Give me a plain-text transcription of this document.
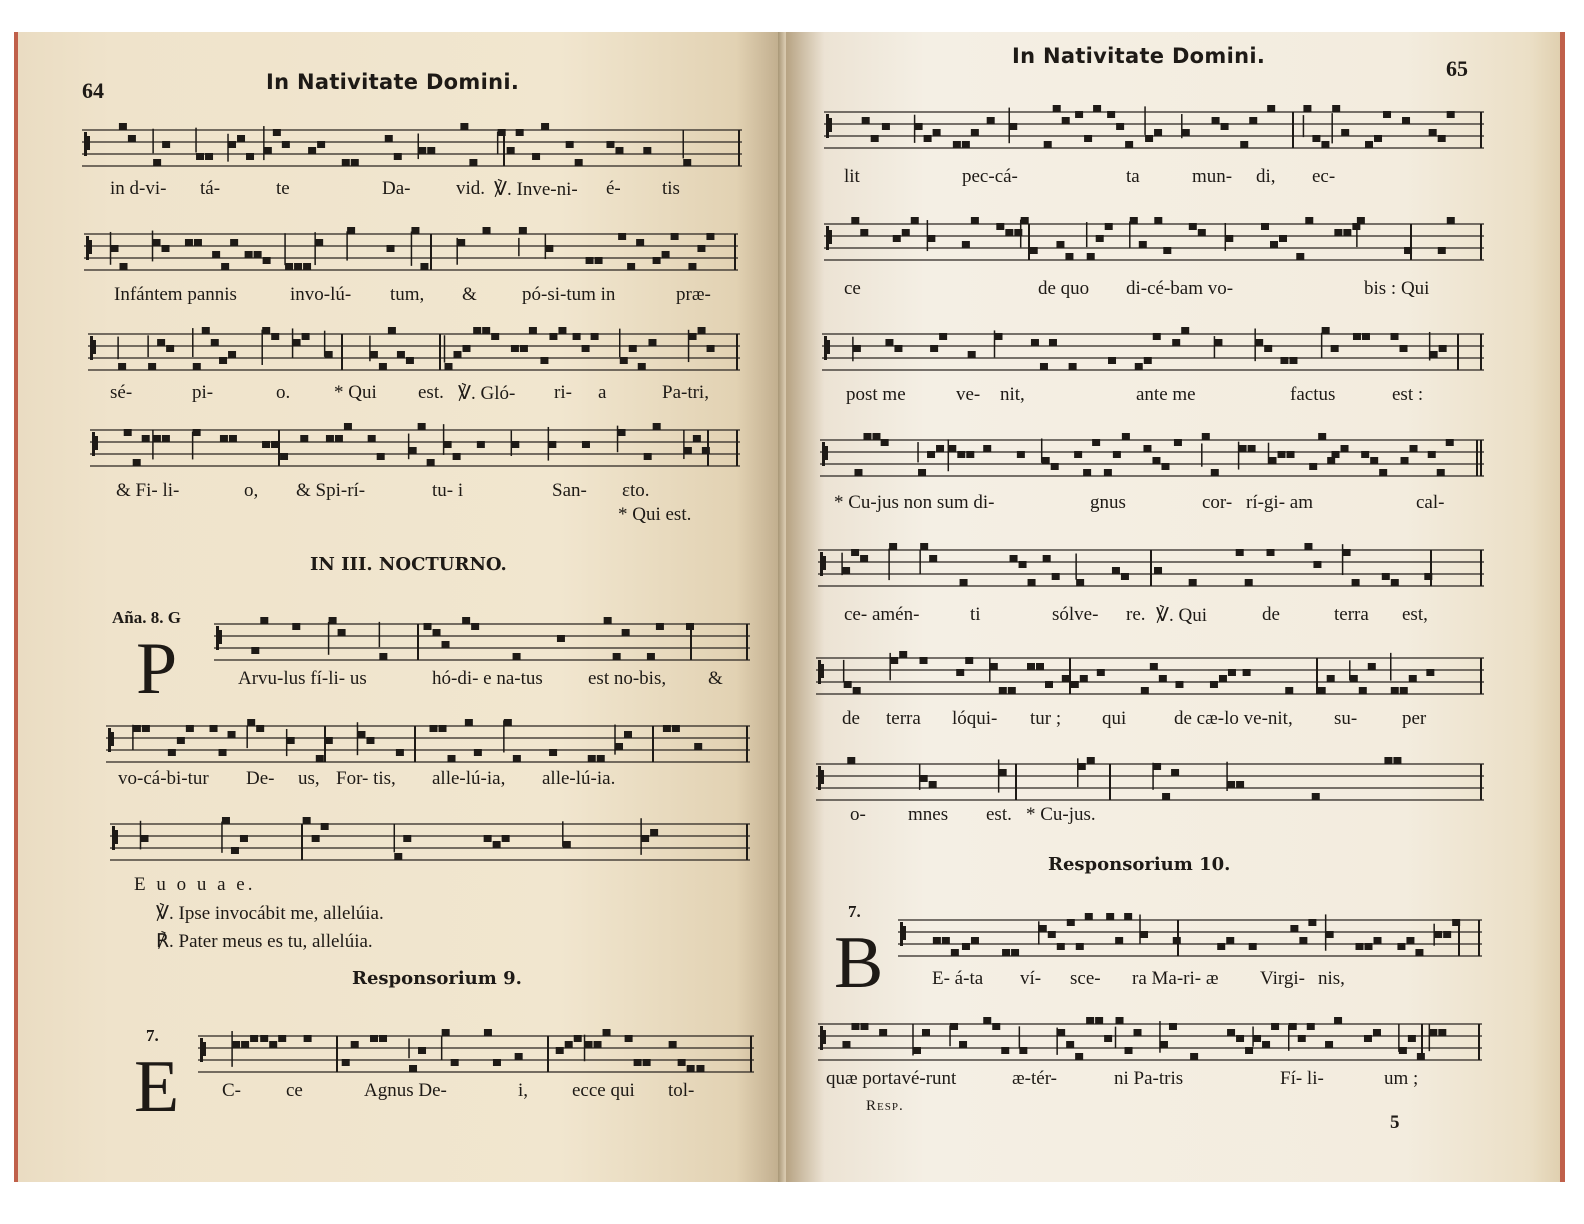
64	In Nativitate Domini.
in d-vi- tá-	te	Da- vid. ℣. Inve-ni- é- tis
Infántem pannis	invo-lú- tum, & pó-si-tum in	præ-
sé-	pi-	o. * Qui est. ℣. Gló- ri- a	Pa-tri,
& Fi- li-	o, & Spi-rí-	tu- i	San- ɛto.
* Qui est.
IN III. NOCTURNO.
Aña. 8. G
P	Arvu-lus fí-li- us	hó-di- e na-tus est no-bis, &
vo-cá-bi-tur De- us, For- tis, alle-lú-ia, alle-lú-ia.
E u o u a e.
℣. Ipse invocábit me, allelúia.
℟. Pater meus es tu, allelúia.
Responsorium 9.
7.
E C- ce	Agnus De-	i, ecce qui tol-
In Nativitate Domini.	65
lit	pec-cá-	ta	mun- di, ec-
ce	de quo di-cé-bam vo-	bis : Qui
post me	ve- nit,	ante me	factus	est :
* Cu-jus non sum di-	gnus	cor- rí-gi- am	cal-
ce- amén-	ti	sólve- re. ℣. Qui	de	terra est,
de terra lóqui- tur ; qui	de cæ-lo ve-nit, su- per
o- mnes est. * Cu-jus.
Responsorium 10.
7.
B	E- á-ta ví- sce- ra Ma-ri- æ Virgi- nis,
quæ portavé-runt	æ-tér-	ni Pa-tris	Fí- li-	um ;
Resp.
5
